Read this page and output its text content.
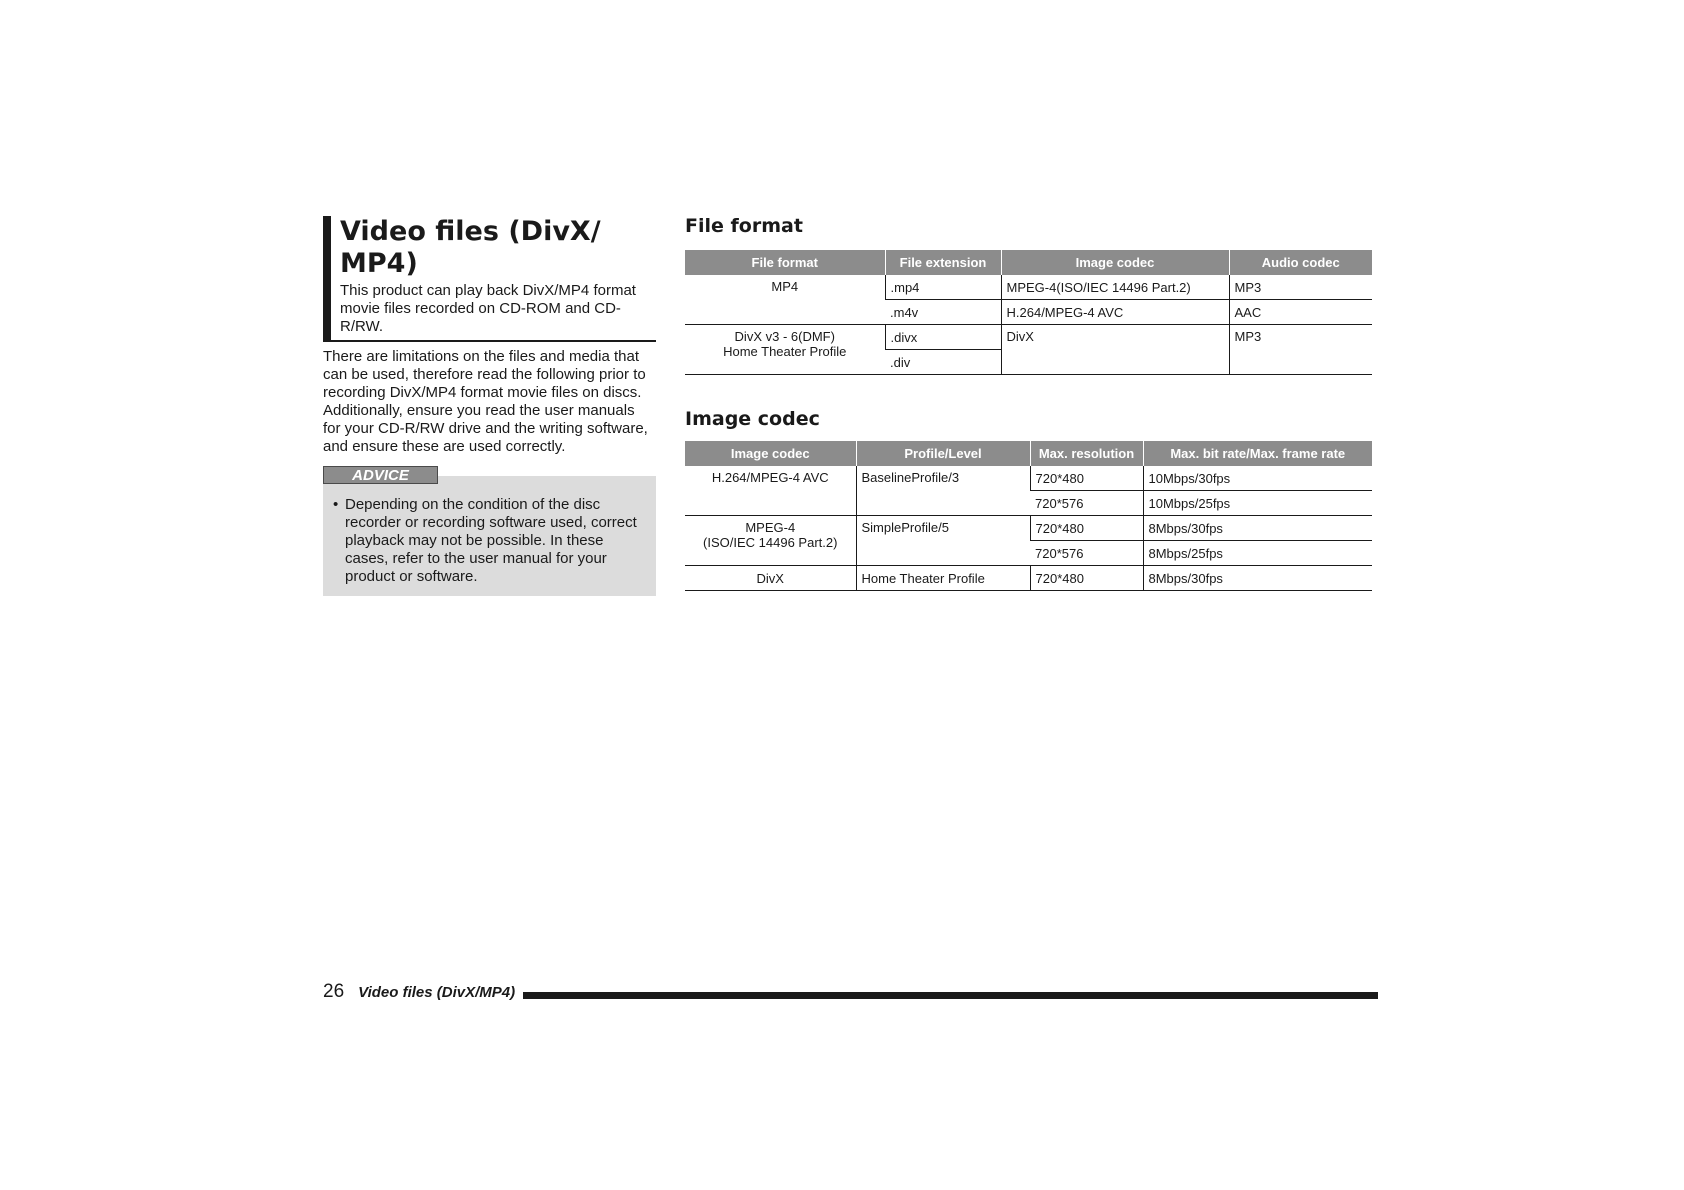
Video files (DivX/ MP4)

This product can play back DivX/MP4 format movie files recorded on CD-ROM and CD-R/RW.

There are limitations on the files and media that can be used, therefore read the following prior to recording DivX/MP4 format movie files on discs.

Additionally, ensure you read the user manuals for your CD-R/RW drive and the writing software, and ensure these are used correctly.

ADVICE
• Depending on the condition of the disc recorder or recording software used, correct playback may not be possible. In these cases, refer to the user manual for your product or software.
File format
File format	File extension	Image codec	Audio codec
MP4	.mp4	MPEG-4(ISO/IEC 14496 Part.2)	MP3
	.m4v	H.264/MPEG-4 AVC	AAC

DivX v3 - 6(DMF)
Home Theater Profile	.divx	DivX	MP3
	.div		
Image codec
Image codec	Profile/Level	Max. resolution	Max. bit rate/Max. frame rate
H.264/MPEG-4 AVC	BaselineProfile/3	720*480	10Mbps/30fps
		720*576	10Mbps/25fps

MPEG-4
(ISO/IEC 14496 Part.2)	SimpleProfile/5	720*480	8Mbps/30fps
		720*576	8Mbps/25fps
DivX	Home Theater Profile	720*480	8Mbps/30fps
26 Video files (DivX/MP4)
